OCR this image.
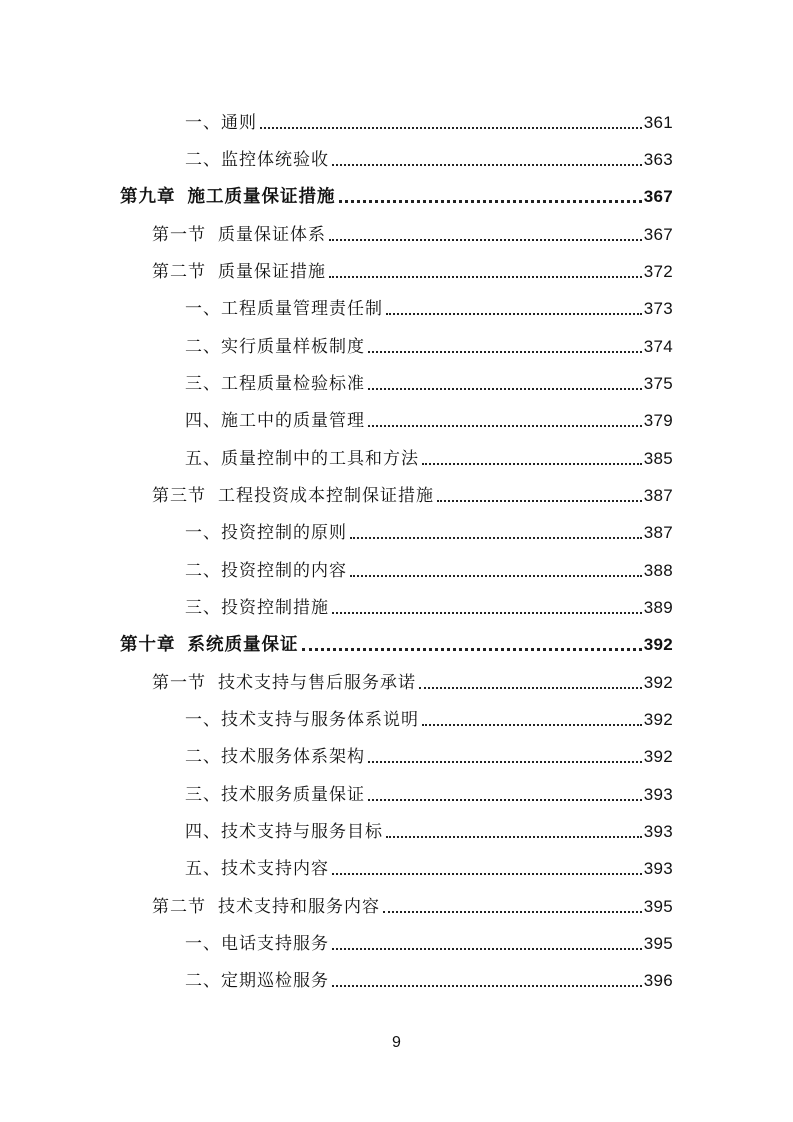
一、通则	361
二、监控体统验收	363
第九章 施工质量保证措施	367
第一节 质量保证体系	367
第二节 质量保证措施	372
一、工程质量管理责任制	373
二、实行质量样板制度	374
三、工程质量检验标准	375
四、施工中的质量管理	379
五、质量控制中的工具和方法	385
第三节 工程投资成本控制保证措施	387
一、投资控制的原则	387
二、投资控制的内容	388
三、投资控制措施	389
第十章 系统质量保证	392
第一节 技术支持与售后服务承诺	392
一、技术支持与服务体系说明	392
二、技术服务体系架构	392
三、技术服务质量保证	393
四、技术支持与服务目标	393
五、技术支持内容	393
第二节 技术支持和服务内容	395
一、电话支持服务	395
二、定期巡检服务	396
9
